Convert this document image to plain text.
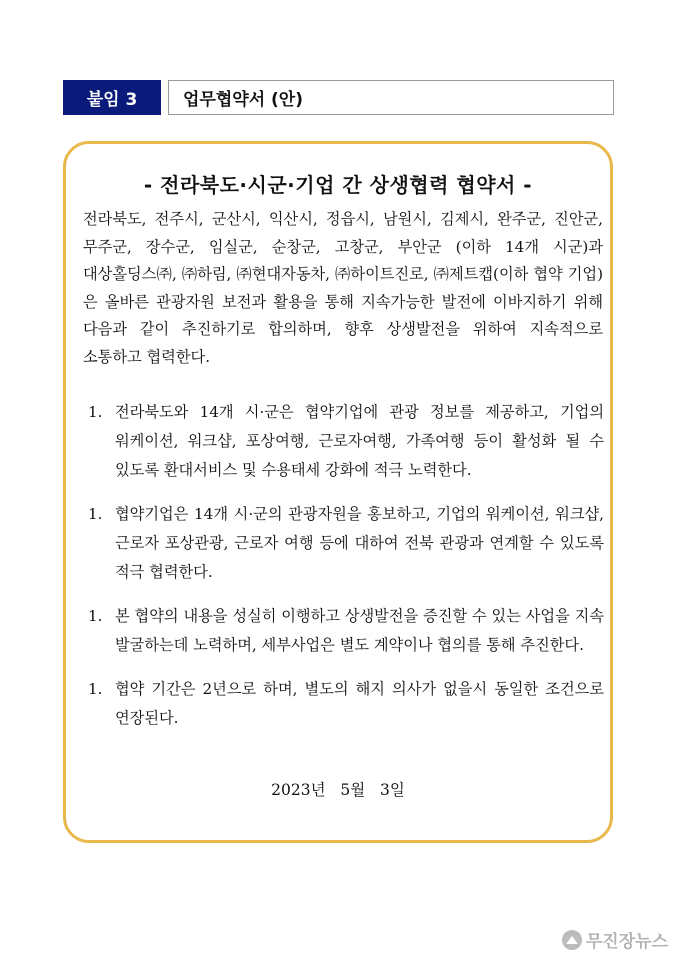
붙임 3	업무협약서 (안)
- 전라북도·시군·기업 간 상생협력 협약서 -

전라북도, 전주시, 군산시, 익산시, 정읍시, 남원시, 김제시, 완주군, 진안군, 무주군, 장수군, 임실군, 순창군, 고창군, 부안군 (이하 14개 시군)과 대상홀딩스㈜, ㈜하림, ㈜현대자동차, ㈜하이트진로, ㈜제트캡(이하 협약 기업)은 올바른 관광자원 보전과 활용을 통해 지속가능한 발전에 이바지하기 위해 다음과 같이 추진하기로 합의하며, 향후 상생발전을 위하여 지속적으로 소통하고 협력한다.

1. 전라북도와 14개 시·군은 협약기업에 관광 정보를 제공하고, 기업의 워케이션, 워크샵, 포상여행, 근로자여행, 가족여행 등이 활성화 될 수 있도록 환대서비스 및 수용태세 강화에 적극 노력한다.
1. 협약기업은 14개 시·군의 관광자원을 홍보하고, 기업의 워케이션, 워크샵, 근로자 포상관광, 근로자 여행 등에 대하여 전북 관광과 연계할 수 있도록 적극 협력한다.
1. 본 협약의 내용을 성실히 이행하고 상생발전을 증진할 수 있는 사업을 지속 발굴하는데 노력하며, 세부사업은 별도 계약이나 협의를 통해 추진한다.
1. 협약 기간은 2년으로 하며, 별도의 해지 의사가 없을시 동일한 조건으로 연장된다.
2023년   5월   3일
무진장뉴스
